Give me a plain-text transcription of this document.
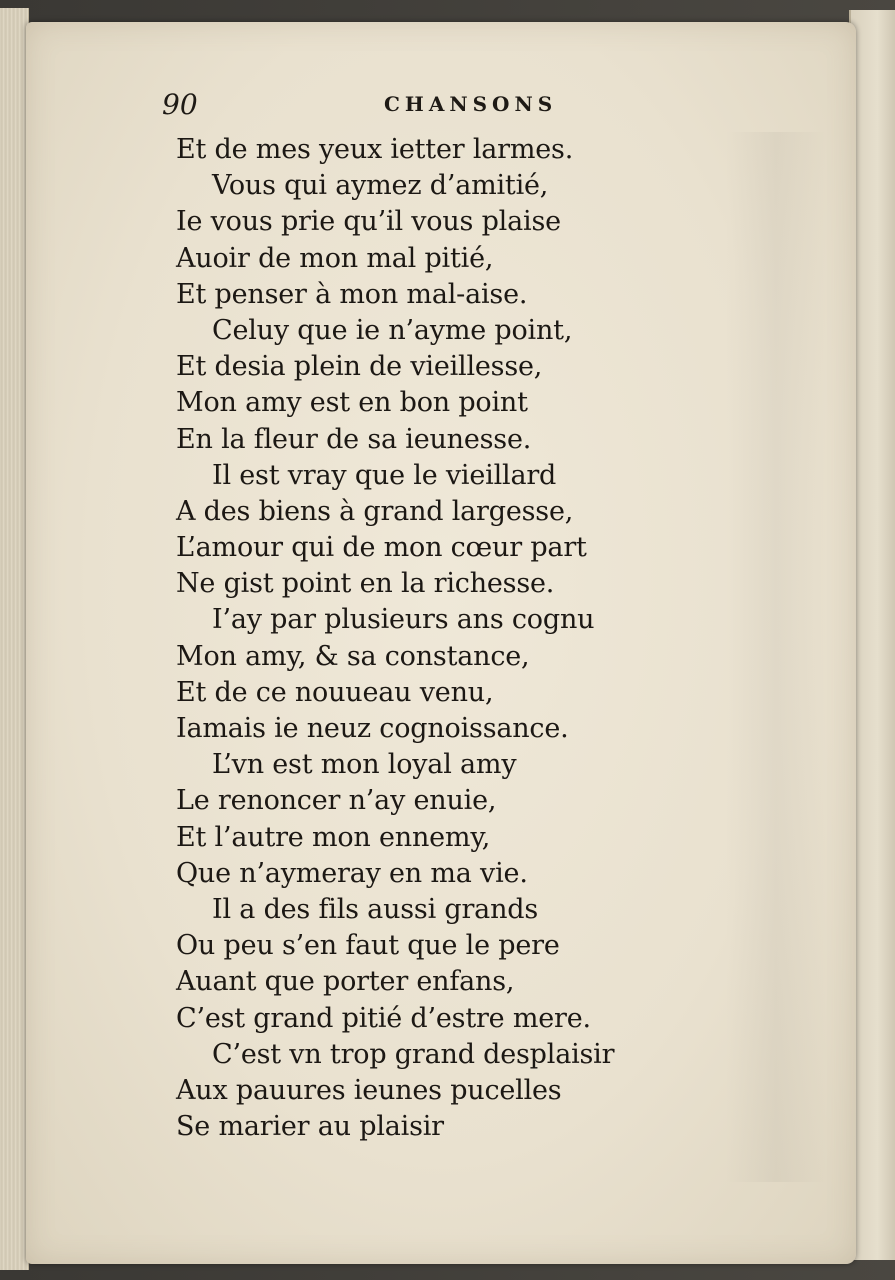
90	CHANSONS
Et de mes yeux ietter larmes.
Vous qui aymez d’amitié,
Ie vous prie qu’il vous plaise
Auoir de mon mal pitié,
Et penser à mon mal-aise.
Celuy que ie n’ayme point,
Et desia plein de vieillesse,
Mon amy est en bon point
En la fleur de sa ieunesse.
Il est vray que le vieillard
A des biens à grand largesse,
L’amour qui de mon cœur part
Ne gist point en la richesse.
I’ay par plusieurs ans cognu
Mon amy, & sa constance,
Et de ce nouueau venu,
Iamais ie neuz cognoissance.
L’vn est mon loyal amy
Le renoncer n’ay enuie,
Et l’autre mon ennemy,
Que n’aymeray en ma vie.
Il a des fils aussi grands
Ou peu s’en faut que le pere
Auant que porter enfans,
C’est grand pitié d’estre mere.
C’est vn trop grand desplaisir
Aux pauures ieunes pucelles
Se marier au plaisir
